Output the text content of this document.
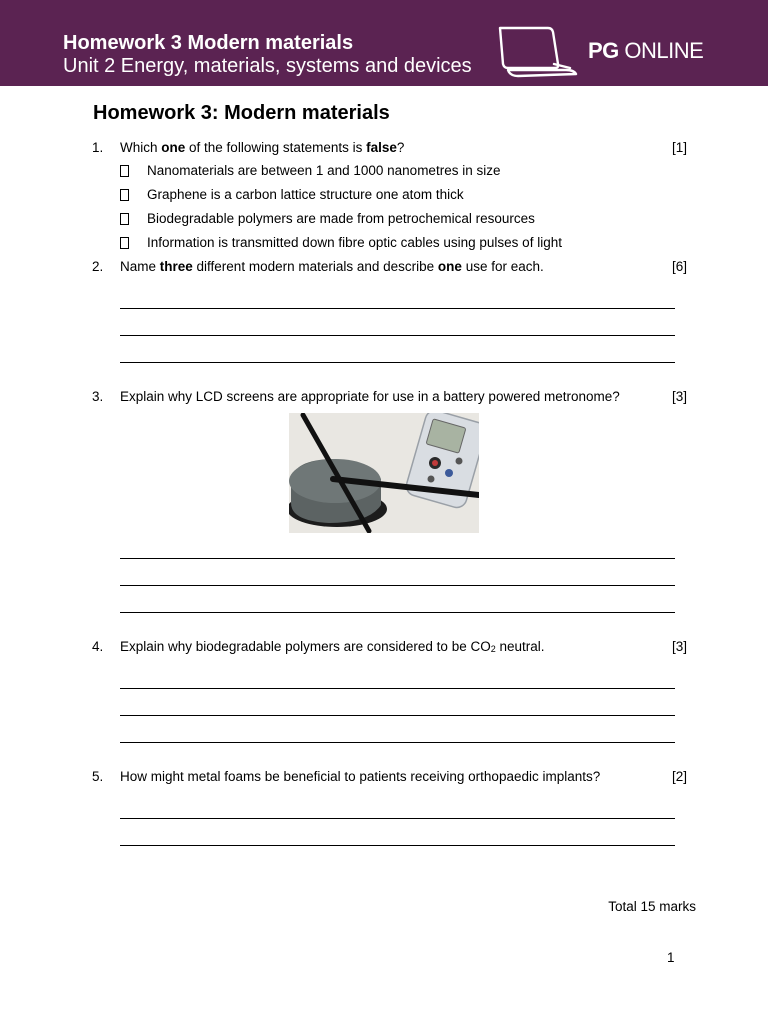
Homework 3 Modern materials
Unit 2 Energy, materials, systems and devices
PG ONLINE
Homework 3: Modern materials
1. Which one of the following statements is false?	[1]
Nanomaterials are between 1 and 1000 nanometres in size
Graphene is a carbon lattice structure one atom thick
Biodegradable polymers are made from petrochemical resources
Information is transmitted down fibre optic cables using pulses of light
2. Name three different modern materials and describe one use for each.	[6]
3. Explain why LCD screens are appropriate for use in a battery powered metronome?	[3]
4. Explain why biodegradable polymers are considered to be CO2 neutral.	[3]
5. How might metal foams be beneficial to patients receiving orthopaedic implants?	[2]
Total 15 marks
1
